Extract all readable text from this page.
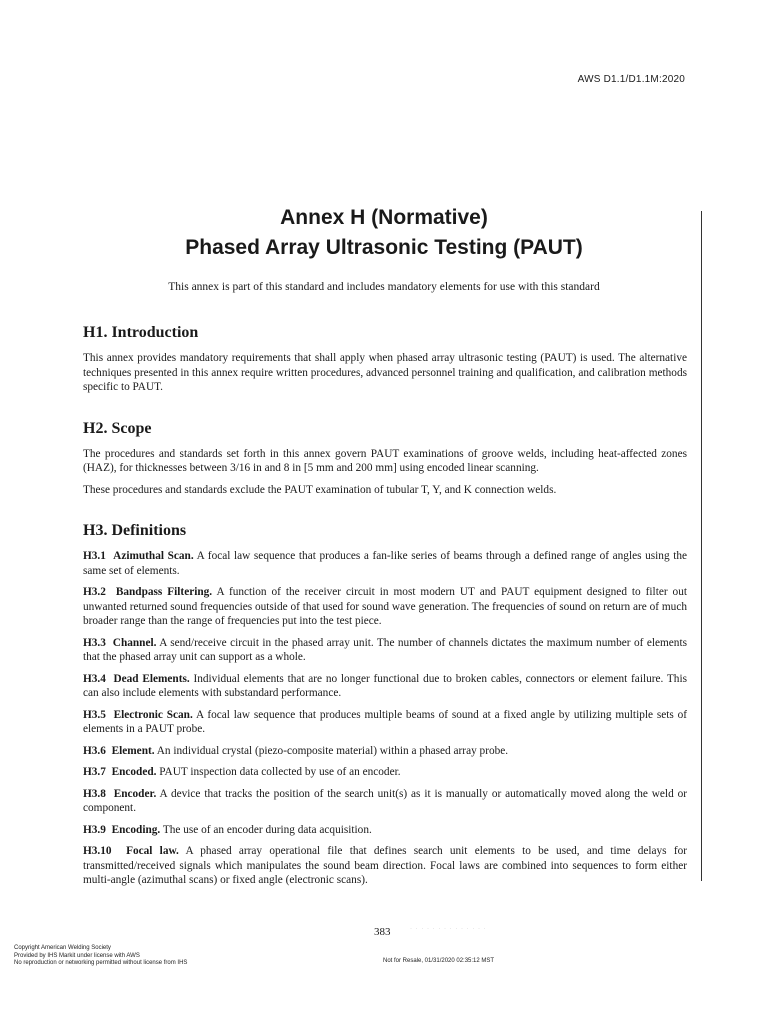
AWS D1.1/D1.1M:2020
Annex H (Normative)
Phased Array Ultrasonic Testing (PAUT)
This annex is part of this standard and includes mandatory elements for use with this standard
H1. Introduction

This annex provides mandatory requirements that shall apply when phased array ultrasonic testing (PAUT) is used. The alternative techniques presented in this annex require written procedures, advanced personnel training and qualification, and calibration methods specific to PAUT.

H2. Scope

The procedures and standards set forth in this annex govern PAUT examinations of groove welds, including heat-affected zones (HAZ), for thicknesses between 3/16 in and 8 in [5 mm and 200 mm] using encoded linear scanning.

These procedures and standards exclude the PAUT examination of tubular T, Y, and K connection welds.

H3. Definitions

H3.1 Azimuthal Scan. A focal law sequence that produces a fan-like series of beams through a defined range of angles using the same set of elements.

H3.2 Bandpass Filtering. A function of the receiver circuit in most modern UT and PAUT equipment designed to filter out unwanted returned sound frequencies outside of that used for sound wave generation. The frequencies of sound on return are of much broader range than the range of frequencies put into the test piece.

H3.3 Channel. A send/receive circuit in the phased array unit. The number of channels dictates the maximum number of elements that the phased array unit can support as a whole.

H3.4 Dead Elements. Individual elements that are no longer functional due to broken cables, connectors or element failure. This can also include elements with substandard performance.

H3.5 Electronic Scan. A focal law sequence that produces multiple beams of sound at a fixed angle by utilizing multiple sets of elements in a PAUT probe.

H3.6 Element. An individual crystal (piezo-composite material) within a phased array probe.

H3.7 Encoded. PAUT inspection data collected by use of an encoder.

H3.8 Encoder. A device that tracks the position of the search unit(s) as it is manually or automatically moved along the weld or component.

H3.9 Encoding. The use of an encoder during data acquisition.

H3.10 Focal law. A phased array operational file that defines search unit elements to be used, and time delays for transmitted/received signals which manipulates the sound beam direction. Focal laws are combined into sequences to form either multi-angle (azimuthal scans) or fixed angle (electronic scans).

383	· · · · · · · · · · · · · ·
Copyright American Welding Society
Provided by IHS Markit under license with AWS
No reproduction or networking permitted without license from IHS	Not for Resale, 01/31/2020 02:35:12 MST
